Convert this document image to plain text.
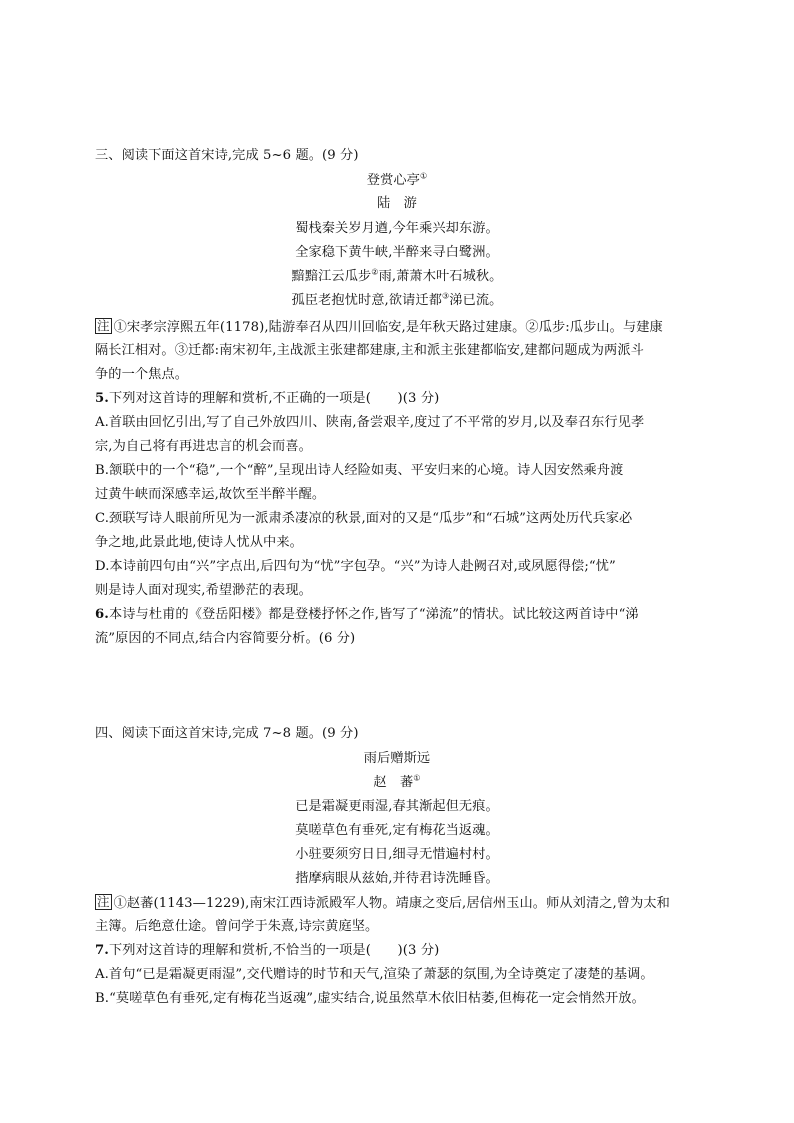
三、阅读下面这首宋诗,完成 5~6 题。(9 分)
登赏心亭①
陆　游
蜀栈秦关岁月遒,今年乘兴却东游。
全家稳下黄牛峡,半醉来寻白鹭洲。
黯黯江云瓜步②雨,萧萧木叶石城秋。
孤臣老抱忧时意,欲请迁都③涕已流。
注 ①宋孝宗淳熙五年(1178),陆游奉召从四川回临安,是年秋天路过建康。②瓜步:瓜步山。与建康
隔长江相对。③迁都:南宋初年,主战派主张建都建康,主和派主张建都临安,建都问题成为两派斗
争的一个焦点。
5.下列对这首诗的理解和赏析,不正确的一项是(　　)(3 分)
A.首联由回忆引出,写了自己外放四川、陕南,备尝艰辛,度过了不平常的岁月,以及奉召东行见孝
宗,为自己将有再进忠言的机会而喜。
B.颔联中的一个“稳”,一个“醉”,呈现出诗人经险如夷、平安归来的心境。诗人因安然乘舟渡
过黄牛峡而深感幸运,故饮至半醉半醒。
C.颈联写诗人眼前所见为一派肃杀凄凉的秋景,面对的又是“瓜步”和“石城”这两处历代兵家必
争之地,此景此地,使诗人忧从中来。
D.本诗前四句由“兴”字点出,后四句为“忧”字包孕。“兴”为诗人赴阙召对,或夙愿得偿;“忧”
则是诗人面对现实,希望渺茫的表现。
6.本诗与杜甫的《登岳阳楼》都是登楼抒怀之作,皆写了“涕流”的情状。试比较这两首诗中“涕
流”原因的不同点,结合内容简要分析。(6 分)
四、阅读下面这首宋诗,完成 7~8 题。(9 分)
雨后赠斯远
赵　蕃①
已是霜凝更雨湿,春其渐起但无痕。
莫嗟草色有垂死,定有梅花当返魂。
小驻要须穷日日,细寻无惜遍村村。
揩摩病眼从兹始,并待君诗洗睡昏。
注 ①赵蕃(1143—1229),南宋江西诗派殿军人物。靖康之变后,居信州玉山。师从刘清之,曾为太和
主簿。后绝意仕途。曾问学于朱熹,诗宗黄庭坚。
7.下列对这首诗的理解和赏析,不恰当的一项是(　　)(3 分)
A.首句“已是霜凝更雨湿”,交代赠诗的时节和天气,渲染了萧瑟的氛围,为全诗奠定了凄楚的基调。
B.“莫嗟草色有垂死,定有梅花当返魂”,虚实结合,说虽然草木依旧枯萎,但梅花一定会悄然开放。
